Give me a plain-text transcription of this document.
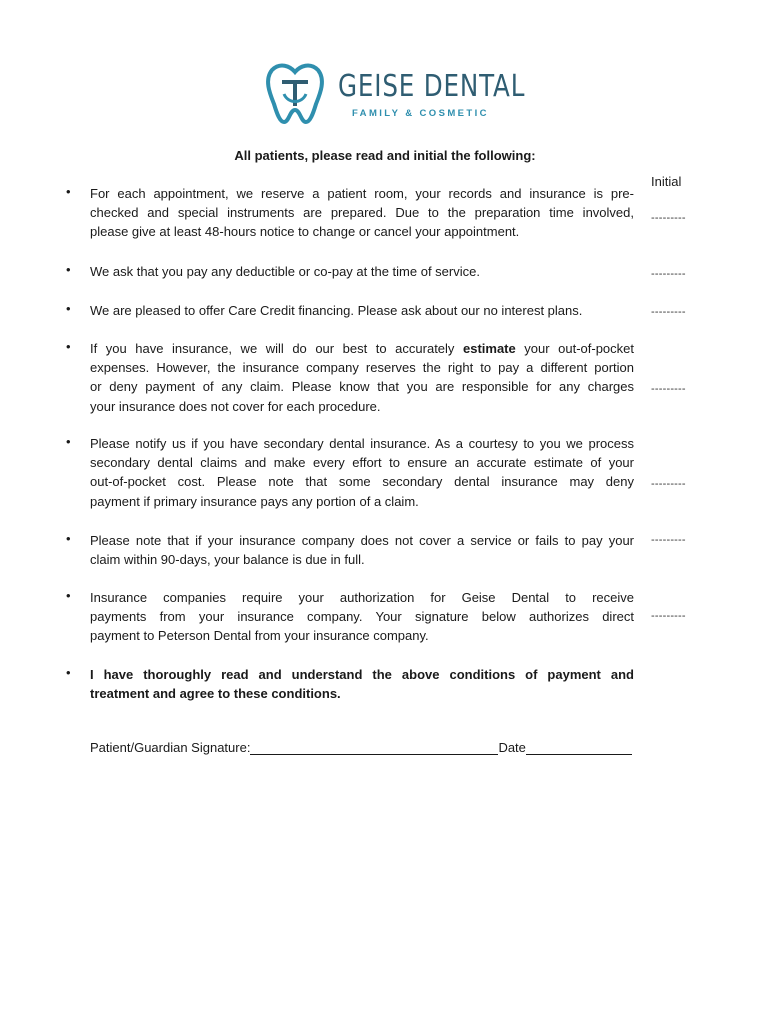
GEISE DENTAL
FAMILY & COSMETIC
All patients, please read and initial the following:
Initial
• For each appointment, we reserve a patient room, your records and insurance is pre-
checked and special instruments are prepared. Due to the preparation time involved,
please give at least 48-hours notice to change or cancel your appointment.
---------
• We ask that you pay any deductible or co-pay at the time of service.	---------
• We are pleased to offer Care Credit financing. Please ask about our no interest plans.	---------
• If you have insurance, we will do our best to accurately estimate your out-of-pocket
expenses. However, the insurance company reserves the right to pay a different portion
or deny payment of any claim. Please know that you are responsible for any charges
your insurance does not cover for each procedure.
---------
• Please notify us if you have secondary dental insurance. As a courtesy to you we process
secondary dental claims and make every effort to ensure an accurate estimate of your
out-of-pocket cost. Please note that some secondary dental insurance may deny
payment if primary insurance pays any portion of a claim.
---------
• Please note that if your insurance company does not cover a service or fails to pay your
claim within 90-days, your balance is due in full.
---------
• Insurance companies require your authorization for Geise Dental to receive
payments from your insurance company. Your signature below authorizes direct
payment to Peterson Dental from your insurance company.
---------
• I have thoroughly read and understand the above conditions of payment and
treatment and agree to these conditions.
Patient/Guardian Signature:	Date
